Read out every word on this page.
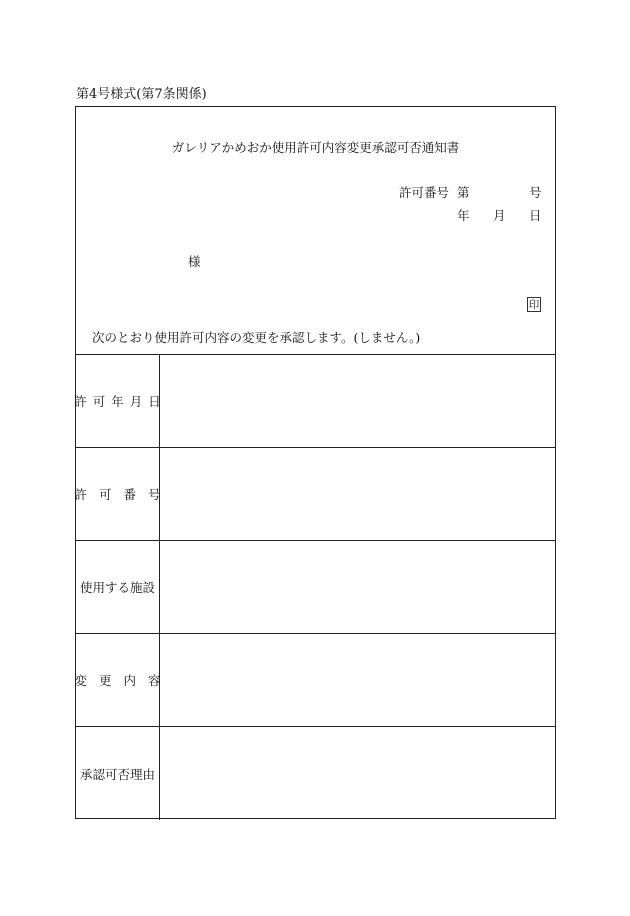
第4号様式(第7条関係)
ガレリアかめおか使用許可内容変更承認可否通知書
許可番号 第	号
年 月 日
様
印
次のとおり使用許可内容の変更を承認します。(しません。)
許可年月日
許可番号
使用する施設
変更内容
承認可否理由
